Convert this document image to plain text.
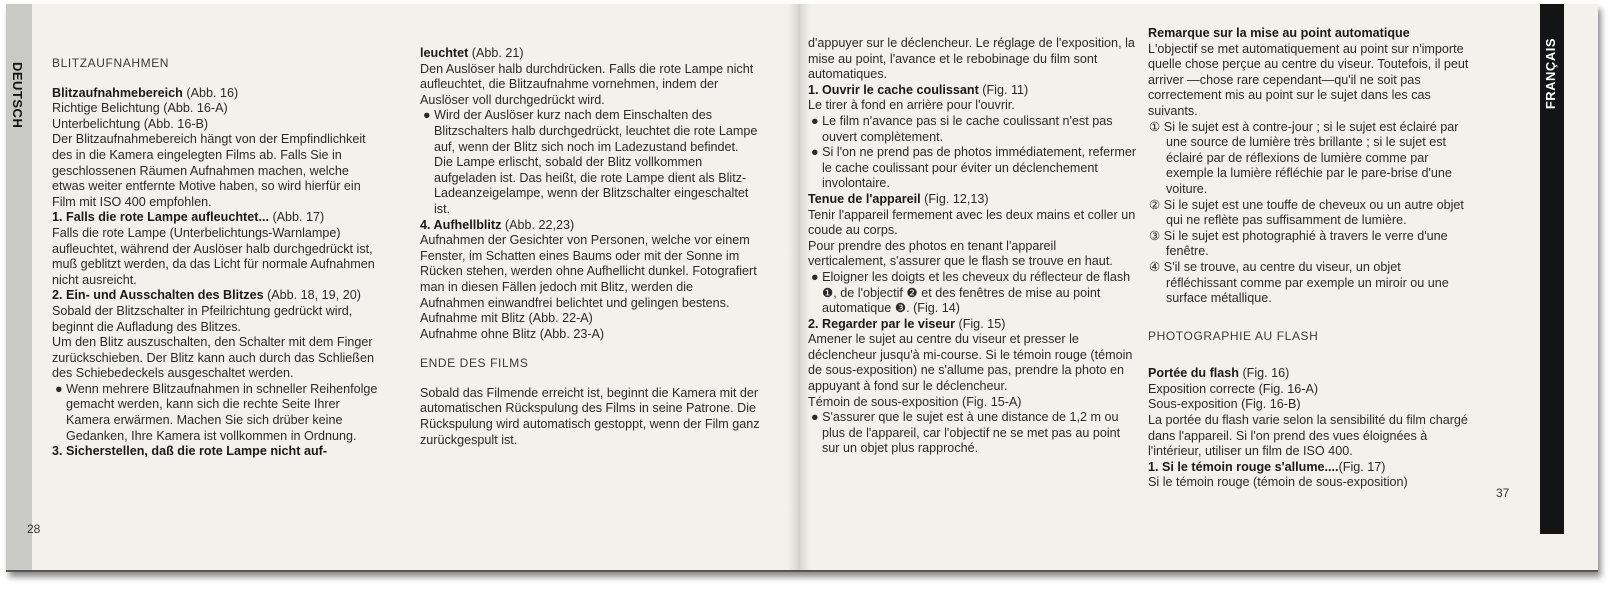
DEUTSCH
28

BLITZAUFNAHMEN

Blitzaufnahmebereich (Abb. 16)

Richtige Belichtung (Abb. 16-A)

Unterbelichtung (Abb. 16-B)

Der Blitzaufnahmebereich hängt von der Empfindlichkeit des in die Kamera eingelegten Films ab. Falls Sie in geschlossenen Räumen Aufnahmen machen, welche etwas weiter entfernte Motive haben, so wird hierfür ein Film mit ISO 400 empfohlen.

1. Falls die rote Lampe aufleuchtet... (Abb. 17)

Falls die rote Lampe (Unterbelichtungs-Warnlampe) aufleuchtet, während der Auslöser halb durchgedrückt ist, muß geblitzt werden, da das Licht für normale Aufnahmen nicht ausreicht.

2. Ein- und Ausschalten des Blitzes (Abb. 18, 19, 20)

Sobald der Blitzschalter in Pfeilrichtung gedrückt wird, beginnt die Aufladung des Blitzes.

Um den Blitz auszuschalten, den Schalter mit dem Finger zurückschieben. Der Blitz kann auch durch das Schließen des Schiebedeckels ausgeschaltet werden.

● Wenn mehrere Blitzaufnahmen in schneller Reihenfolge gemacht werden, kann sich die rechte Seite Ihrer Kamera erwärmen. Machen Sie sich drüber keine Gedanken, Ihre Kamera ist vollkommen in Ordnung.

3. Sicherstellen, daß die rote Lampe nicht auf-

leuchtet (Abb. 21)

Den Auslöser halb durchdrücken. Falls die rote Lampe nicht aufleuchtet, die Blitzaufnahme vornehmen, indem der Auslöser voll durchgedrückt wird.

● Wird der Auslöser kurz nach dem Einschalten des Blitzschalters halb durchgedrückt, leuchtet die rote Lampe auf, wenn der Blitz sich noch im Ladezustand befindet. Die Lampe erlischt, sobald der Blitz vollkommen aufgeladen ist. Das heißt, die rote Lampe dient als Blitz-Ladeanzeigelampe, wenn der Blitzschalter eingeschaltet ist.

4. Aufhellblitz (Abb. 22,23)

Aufnahmen der Gesichter von Personen, welche vor einem Fenster, im Schatten eines Baums oder mit der Sonne im Rücken stehen, werden ohne Aufhellicht dunkel. Fotografiert man in diesen Fällen jedoch mit Blitz, werden die Aufnahmen einwandfrei belichtet und gelingen bestens.

Aufnahme mit Blitz (Abb. 22-A)

Aufnahme ohne Blitz (Abb. 23-A)

ENDE DES FILMS

Sobald das Filmende erreicht ist, beginnt die Kamera mit der automatischen Rückspulung des Films in seine Patrone. Die Rückspulung wird automatisch gestoppt, wenn der Film ganz zurückgespult ist.

d'appuyer sur le déclencheur. Le réglage de l'exposition, la mise au point, l'avance et le rebobinage du film sont automatiques.

1. Ouvrir le cache coulissant (Fig. 11)

Le tirer à fond en arrière pour l'ouvrir.

● Le film n'avance pas si le cache coulissant n'est pas ouvert complètement.

● Si l'on ne prend pas de photos immédiatement, refermer le cache coulissant pour éviter un déclenchement involontaire.

Tenue de l'appareil (Fig. 12,13)

Tenir l'appareil fermement avec les deux mains et coller un coude au corps.

Pour prendre des photos en tenant l'appareil verticalement, s'assurer que le flash se trouve en haut.

● Eloigner les doigts et les cheveux du réflecteur de flash ❶, de l'objectif ❷ et des fenêtres de mise au point automatique ❸. (Fig. 14)

2. Regarder par le viseur (Fig. 15)

Amener le sujet au centre du viseur et presser le déclencheur jusqu'à mi-course. Si le témoin rouge (témoin de sous-exposition) ne s'allume pas, prendre la photo en appuyant à fond sur le déclencheur.

Témoin de sous-exposition (Fig. 15-A)

● S'assurer que le sujet est à une distance de 1,2 m ou plus de l'appareil, car l'objectif ne se met pas au point sur un objet plus rapproché.

Remarque sur la mise au point automatique

L'objectif se met automatiquement au point sur n'importe quelle chose perçue au centre du viseur. Toutefois, il peut arriver —chose rare cependant—qu'il ne soit pas correctement mis au point sur le sujet dans les cas suivants.

① Si le sujet est à contre-jour ; si le sujet est éclairé par une source de lumière très brillante ; si le sujet est éclairé par de réflexions de lumière comme par exemple la lumière réfléchie par le pare-brise d'une voiture.

② Si le sujet est une touffe de cheveux ou un autre objet qui ne reflète pas suffisamment de lumière.

③ Si le sujet est photographié à travers le verre d'une fenêtre.

④ S'il se trouve, au centre du viseur, un objet réfléchissant comme par exemple un miroir ou une surface métallique.

PHOTOGRAPHIE AU FLASH

Portée du flash (Fig. 16)

Exposition correcte (Fig. 16-A)

Sous-exposition (Fig. 16-B)

La portée du flash varie selon la sensibilité du film chargé dans l'appareil. Si l'on prend des vues éloignées à l'intérieur, utiliser un film de ISO 400.

1. Si le témoin rouge s'allume....(Fig. 17)

Si le témoin rouge (témoin de sous-exposition)

FRANÇAIS
37
